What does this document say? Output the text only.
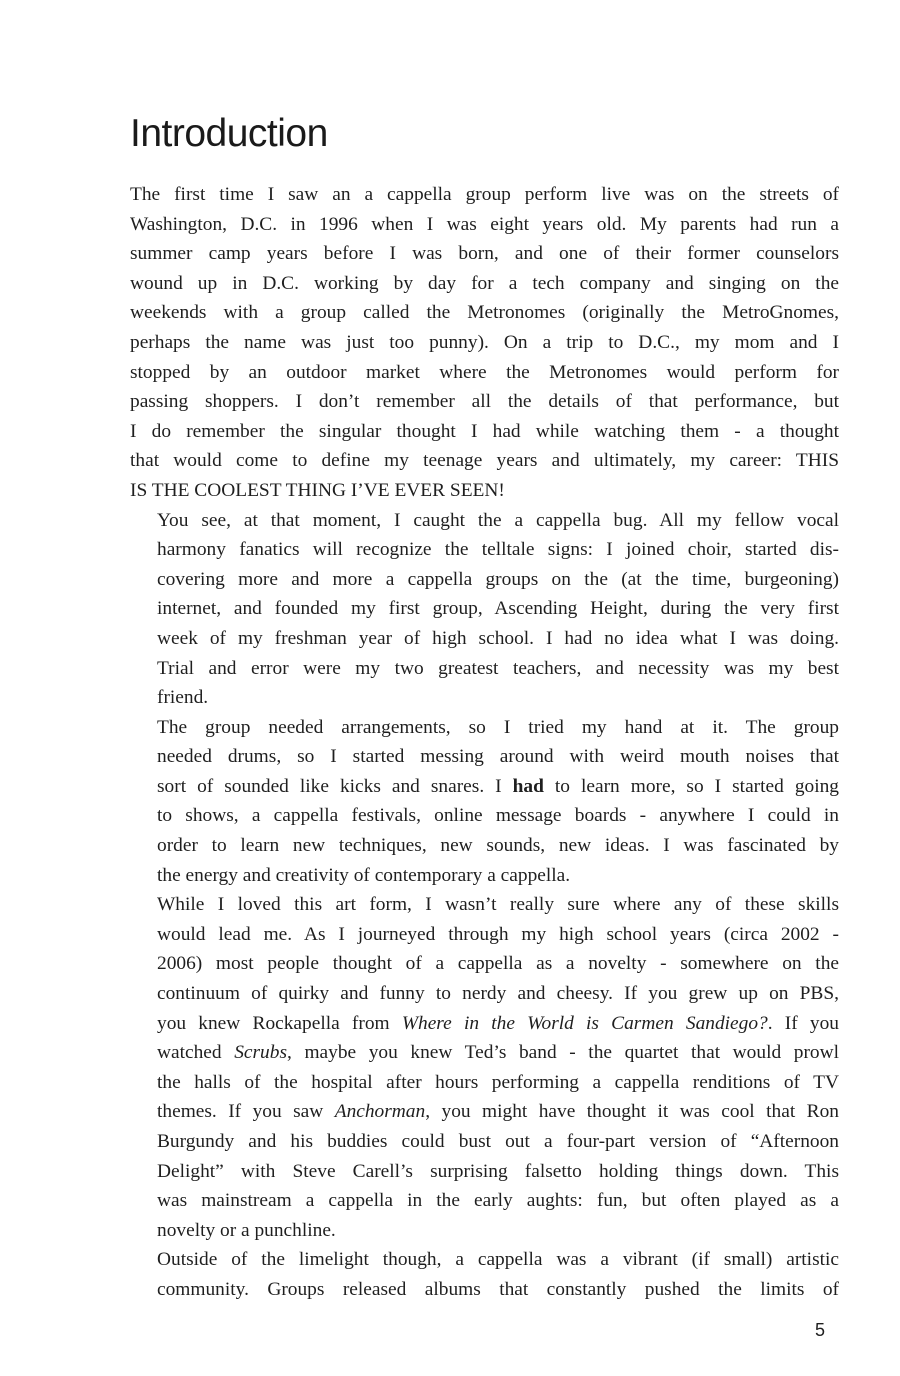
Introduction
The first time I saw an a cappella group perform live was on the streets of
Washington, D.C. in 1996 when I was eight years old. My parents had run a
summer camp years before I was born, and one of their former counselors
wound up in D.C. working by day for a tech company and singing on the
weekends with a group called the Metronomes (originally the MetroGnomes,
perhaps the name was just too punny). On a trip to D.C., my mom and I
stopped by an outdoor market where the Metronomes would perform for
passing shoppers. I don’t remember all the details of that performance, but
I do remember the singular thought I had while watching them - a thought
that would come to define my teenage years and ultimately, my career: THIS
IS THE COOLEST THING I’VE EVER SEEN!
You see, at that moment, I caught the a cappella bug. All my fellow vocal
harmony fanatics will recognize the telltale signs: I joined choir, started dis-
covering more and more a cappella groups on the (at the time, burgeoning)
internet, and founded my first group, Ascending Height, during the very first
week of my freshman year of high school. I had no idea what I was doing.
Trial and error were my two greatest teachers, and necessity was my best
friend.
The group needed arrangements, so I tried my hand at it. The group
needed drums, so I started messing around with weird mouth noises that
sort of sounded like kicks and snares. I had to learn more, so I started going
to shows, a cappella festivals, online message boards - anywhere I could in
order to learn new techniques, new sounds, new ideas. I was fascinated by
the energy and creativity of contemporary a cappella.
While I loved this art form, I wasn’t really sure where any of these skills
would lead me. As I journeyed through my high school years (circa 2002 -
2006) most people thought of a cappella as a novelty - somewhere on the
continuum of quirky and funny to nerdy and cheesy. If you grew up on PBS,
you knew Rockapella from Where in the World is Carmen Sandiego?. If you
watched Scrubs, maybe you knew Ted’s band - the quartet that would prowl
the halls of the hospital after hours performing a cappella renditions of TV
themes. If you saw Anchorman, you might have thought it was cool that Ron
Burgundy and his buddies could bust out a four-part version of “Afternoon
Delight” with Steve Carell’s surprising falsetto holding things down. This
was mainstream a cappella in the early aughts: fun, but often played as a
novelty or a punchline.
Outside of the limelight though, a cappella was a vibrant (if small) artistic
community. Groups released albums that constantly pushed the limits of
5
